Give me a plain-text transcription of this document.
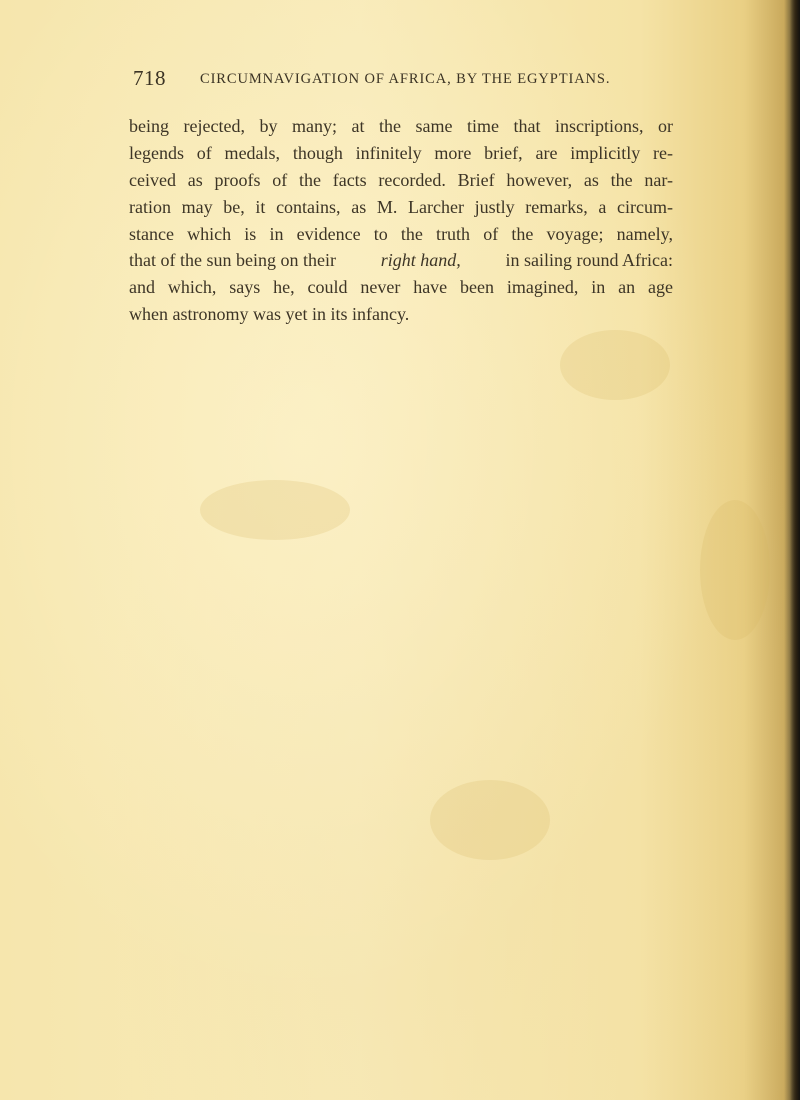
718 CIRCUMNAVIGATION OF AFRICA, BY THE EGYPTIANS.
being rejected, by many; at the same time that inscriptions, or
legends of medals, though infinitely more brief, are implicitly re-
ceived as proofs of the facts recorded. Brief however, as the nar-
ration may be, it contains, as M. Larcher justly remarks, a circum-
stance which is in evidence to the truth of the voyage; namely,
that of the sun being on their right hand, in sailing round Africa:
and which, says he, could never have been imagined, in an age
when astronomy was yet in its infancy.
